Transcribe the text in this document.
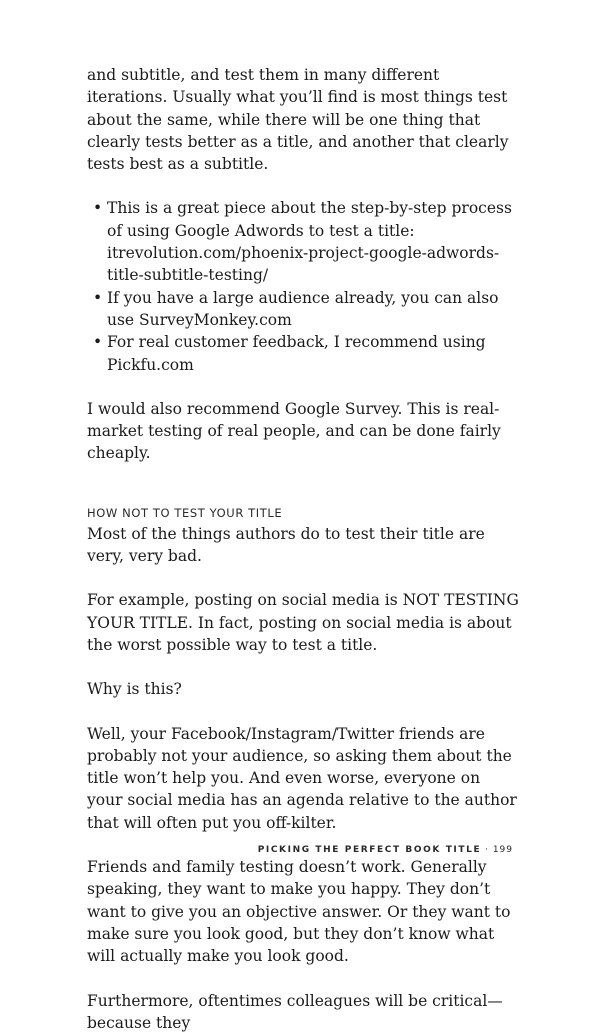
and subtitle, and test them in many different iterations. Usually what you’ll find is most things test about the same, while there will be one thing that clearly tests better as a title, and another that clearly tests best as a subtitle.

• This is a great piece about the step-by-step process of using Google Adwords to test a title: itrevolution.com/phoenix-project-google-adwords-title-subtitle-testing/
• If you have a large audience already, you can also use SurveyMonkey.com
• For real customer feedback, I recommend using Pickfu.com

I would also recommend Google Survey. This is real-market testing of real people, and can be done fairly cheaply.

HOW NOT TO TEST YOUR TITLE

Most of the things authors do to test their title are very, very bad.

For example, posting on social media is NOT TESTING YOUR TITLE. In fact, posting on social media is about the worst possible way to test a title.

Why is this?

Well, your Facebook/Instagram/Twitter friends are probably not your audience, so asking them about the title won’t help you. And even worse, everyone on your social media has an agenda relative to the author that will often put you off-kilter.

Friends and family testing doesn’t work. Generally speaking, they want to make you happy. They don’t want to give you an objective answer. Or they want to make sure you look good, but they don’t know what will actually make you look good.

Furthermore, oftentimes colleagues will be critical—because they

PICKING THE PERFECT BOOK TITLE · 199
